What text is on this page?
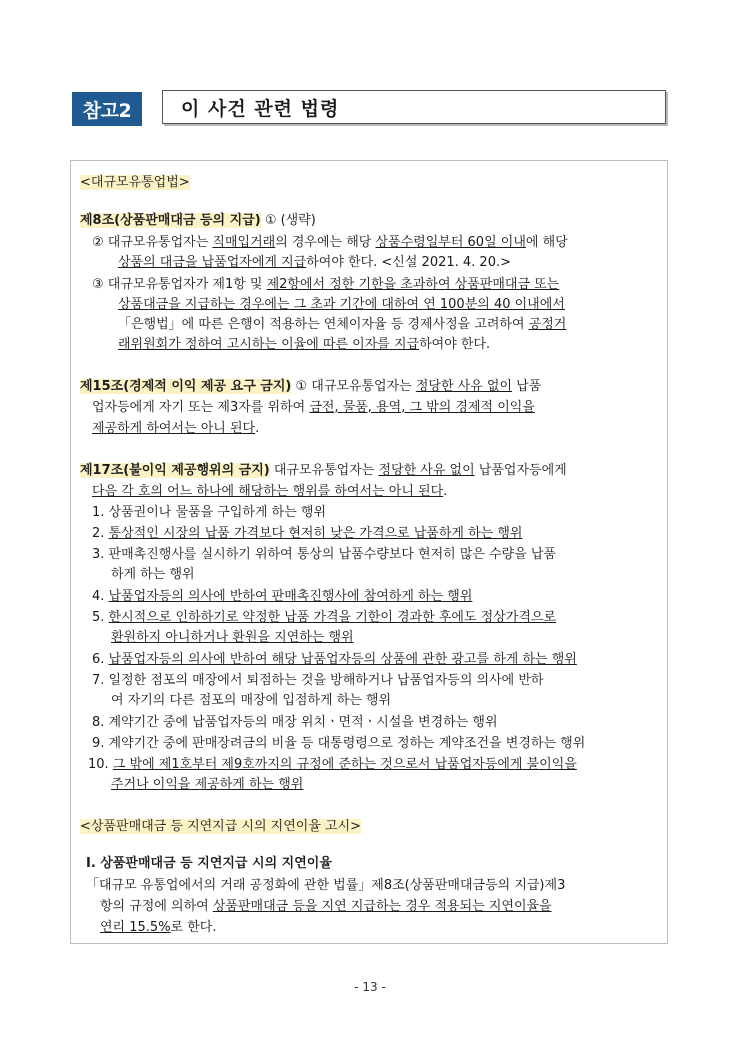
참고2	이 사건 관련 법령
<대규모유통업법>
제8조(상품판매대금 등의 지급) ① (생략)
② 대규모유통업자는 직매입거래의 경우에는 해당 상품수령일부터 60일 이내에 해당
상품의 대금을 납품업자에게 지급하여야 한다. <신설 2021. 4. 20.>
③ 대규모유통업자가 제1항 및 제2항에서 정한 기한을 초과하여 상품판매대금 또는
상품대금을 지급하는 경우에는 그 초과 기간에 대하여 연 100분의 40 이내에서
「은행법」에 따른 은행이 적용하는 연체이자율 등 경제사정을 고려하여 공정거
래위원회가 정하여 고시하는 이율에 따른 이자를 지급하여야 한다.
제15조(경제적 이익 제공 요구 금지) ① 대규모유통업자는 정당한 사유 없이 납품
업자등에게 자기 또는 제3자를 위하여 금전, 물품, 용역, 그 밖의 경제적 이익을
제공하게 하여서는 아니 된다.
제17조(불이익 제공행위의 금지) 대규모유통업자는 정당한 사유 없이 납품업자등에게
다음 각 호의 어느 하나에 해당하는 행위를 하여서는 아니 된다.
1. 상품권이나 물품을 구입하게 하는 행위
2. 통상적인 시장의 납품 가격보다 현저히 낮은 가격으로 납품하게 하는 행위
3. 판매촉진행사를 실시하기 위하여 통상의 납품수량보다 현저히 많은 수량을 납품
하게 하는 행위
4. 납품업자등의 의사에 반하여 판매촉진행사에 참여하게 하는 행위
5. 한시적으로 인하하기로 약정한 납품 가격을 기한이 경과한 후에도 정상가격으로
환원하지 아니하거나 환원을 지연하는 행위
6. 납품업자등의 의사에 반하여 해당 납품업자등의 상품에 관한 광고를 하게 하는 행위
7. 일정한 점포의 매장에서 퇴점하는 것을 방해하거나 납품업자등의 의사에 반하
여 자기의 다른 점포의 매장에 입점하게 하는 행위
8. 계약기간 중에 납품업자등의 매장 위치ㆍ면적ㆍ시설을 변경하는 행위
9. 계약기간 중에 판매장려금의 비율 등 대통령령으로 정하는 계약조건을 변경하는 행위
10. 그 밖에 제1호부터 제9호까지의 규정에 준하는 것으로서 납품업자등에게 불이익을
주거나 이익을 제공하게 하는 행위
<상품판매대금 등 지연지급 시의 지연이율 고시>
Ⅰ. 상품판매대금 등 지연지급 시의 지연이율
「대규모 유통업에서의 거래 공정화에 관한 법률」제8조(상품판매대금등의 지급)제3
항의 규정에 의하여 상품판매대금 등을 지연 지급하는 경우 적용되는 지연이율을
연리 15.5%로 한다.
- 13 -
